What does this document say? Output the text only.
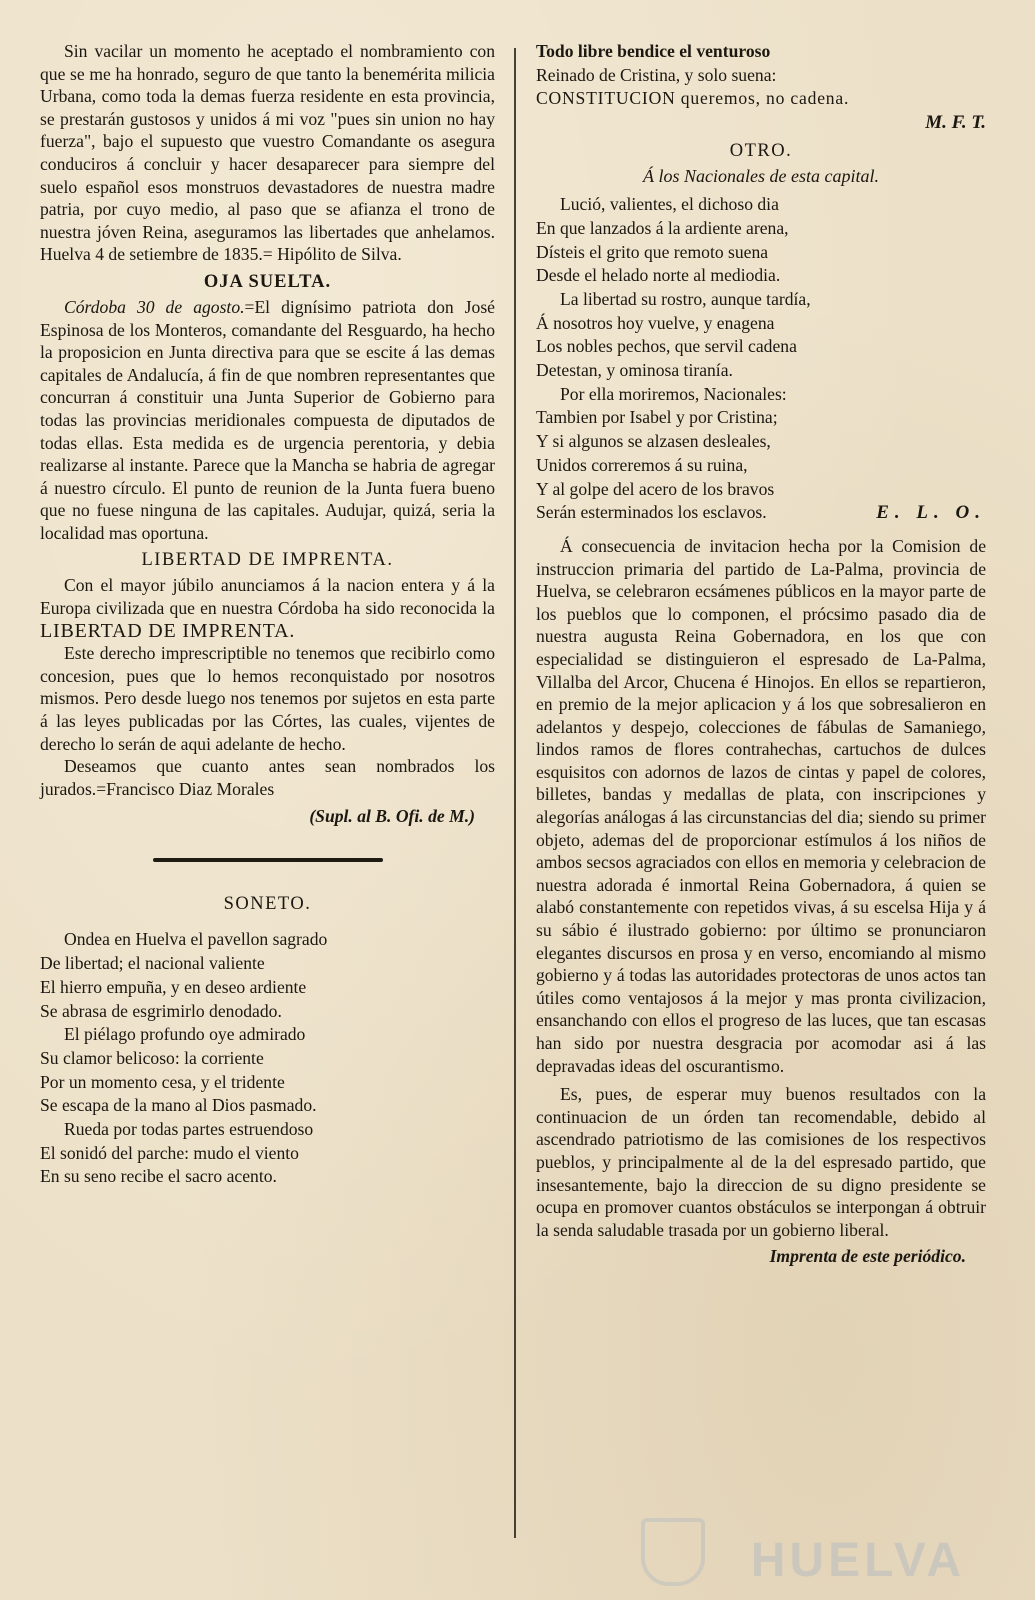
Sin vacilar un momento he aceptado el nombramiento con que se me ha honrado, seguro de que tanto la benemérita milicia Urbana, como toda la demas fuerza residente en esta provincia, se prestarán gustosos y unidos á mi voz "pues sin union no hay fuerza", bajo el supuesto que vuestro Comandante os asegura conduciros á concluir y hacer desaparecer para siempre del suelo español esos monstruos devastadores de nuestra madre patria, por cuyo medio, al paso que se afianza el trono de nuestra jóven Reina, aseguramos las libertades que anhelamos. Huelva 4 de setiembre de 1835.= Hipólito de Silva.

OJA SUELTA.

Córdoba 30 de agosto.=El dignísimo patriota don José Espinosa de los Monteros, comandante del Resguardo, ha hecho la proposicion en Junta directiva para que se escite á las demas capitales de Andalucía, á fin de que nombren representantes que concurran á constituir una Junta Superior de Gobierno para todas las provincias meridionales compuesta de diputados de todas ellas. Esta medida es de urgencia perentoria, y debia realizarse al instante. Parece que la Mancha se habria de agregar á nuestro círculo. El punto de reunion de la Junta fuera bueno que no fuese ninguna de las capitales. Audujar, quizá, seria la localidad mas oportuna.

LIBERTAD DE IMPRENTA.

Con el mayor júbilo anunciamos á la nacion entera y á la Europa civilizada que en nuestra Córdoba ha sido reconocida la LIBERTAD DE IMPRENTA.

Este derecho imprescriptible no tenemos que recibirlo como concesion, pues que lo hemos reconquistado por nosotros mismos. Pero desde luego nos tenemos por sujetos en esta parte á las leyes publicadas por las Córtes, las cuales, vijentes de derecho lo serán de aqui adelante de hecho.

Deseamos que cuanto antes sean nombrados los jurados.=Francisco Diaz Morales

(Supl. al B. Ofi. de M.)
SONETO.

Ondea en Huelva el pavellon sagrado

De libertad; el nacional valiente

El hierro empuña, y en deseo ardiente

Se abrasa de esgrimirlo denodado.

El piélago profundo oye admirado

Su clamor belicoso: la corriente

Por un momento cesa, y el tridente

Se escapa de la mano al Dios pasmado.

Rueda por todas partes estruendoso

El sonidó del parche: mudo el viento

En su seno recibe el sacro acento.

Todo libre bendice el venturoso

Reinado de Cristina, y solo suena:

CONSTITUCION queremos, no cadena.

M. F. T.
OTRO.
Á los Nacionales de esta capital.

Lució, valientes, el dichoso dia

En que lanzados á la ardiente arena,

Dísteis el grito que remoto suena

Desde el helado norte al mediodia.

La libertad su rostro, aunque tardía,

Á nosotros hoy vuelve, y enagena

Los nobles pechos, que servil cadena

Detestan, y ominosa tiranía.

Por ella moriremos, Nacionales:

Tambien por Isabel y por Cristina;

Y si algunos se alzasen desleales,

Unidos correremos á su ruina,

Y al golpe del acero de los bravos

Serán esterminados los esclavos.	E. L. O.

Á consecuencia de invitacion hecha por la Comision de instruccion primaria del partido de La-Palma, provincia de Huelva, se celebraron ecsámenes públicos en la mayor parte de los pueblos que lo componen, el prócsimo pasado dia de nuestra augusta Reina Gobernadora, en los que con especialidad se distinguieron el espresado de La-Palma, Villalba del Arcor, Chucena é Hinojos. En ellos se repartieron, en premio de la mejor aplicacion y á los que sobresalieron en adelantos y despejo, colecciones de fábulas de Samaniego, lindos ramos de flores contrahechas, cartuchos de dulces esquisitos con adornos de lazos de cintas y papel de colores, billetes, bandas y medallas de plata, con inscripciones y alegorías análogas á las circunstancias del dia; siendo su primer objeto, ademas del de proporcionar estímulos á los niños de ambos secsos agraciados con ellos en memoria y celebracion de nuestra adorada é inmortal Reina Gobernadora, á quien se alabó constantemente con repetidos vivas, á su escelsa Hija y á su sábio é ilustrado gobierno: por último se pronunciaron elegantes discursos en prosa y en verso, encomiando al mismo gobierno y á todas las autoridades protectoras de unos actos tan útiles como ventajosos á la mejor y mas pronta civilizacion, ensanchando con ellos el progreso de las luces, que tan escasas han sido por nuestra desgracia por acomodar asi á las depravadas ideas del oscurantismo.

Es, pues, de esperar muy buenos resultados con la continuacion de un órden tan recomendable, debido al ascendrado patriotismo de las comisiones de los respectivos pueblos, y principalmente al de la del espresado partido, que insesantemente, bajo la direccion de su digno presidente se ocupa en promover cuantos obstáculos se interpongan á obtruir la senda saludable trasada por un gobierno liberal.

Imprenta de este periódico.
HUELVA
